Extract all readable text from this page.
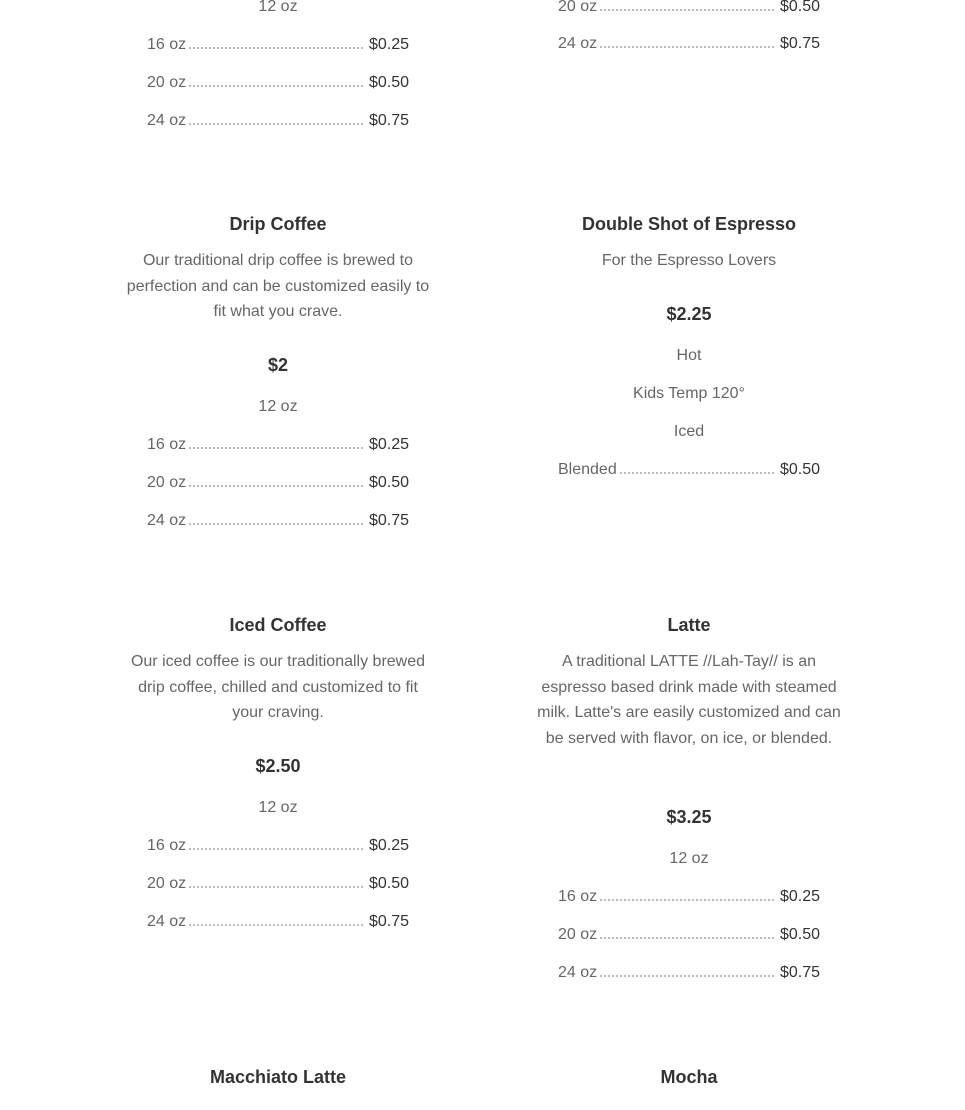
12 oz
16 oz	$0.25
20 oz	$0.50
24 oz	$0.75
20 oz	$0.50
24 oz	$0.75
Drip Coffee
Our traditional drip coffee is brewed to perfection and can be customized easily to fit what you crave.
$2
12 oz
16 oz	$0.25
20 oz	$0.50
24 oz	$0.75
Double Shot of Espresso
For the Espresso Lovers
$2.25
Hot
Kids Temp 120°
Iced
Blended	$0.50
Iced Coffee
Our iced coffee is our traditionally brewed drip coffee, chilled and customized to fit your craving.
$2.50
12 oz
16 oz	$0.25
20 oz	$0.50
24 oz	$0.75
Latte
A traditional LATTE //Lah-Tay// is an espresso based drink made with steamed milk. Latte's are easily customized and can be served with flavor, on ice, or blended.
$3.25
12 oz
16 oz	$0.25
20 oz	$0.50
24 oz	$0.75
Macchiato Latte	Mocha
